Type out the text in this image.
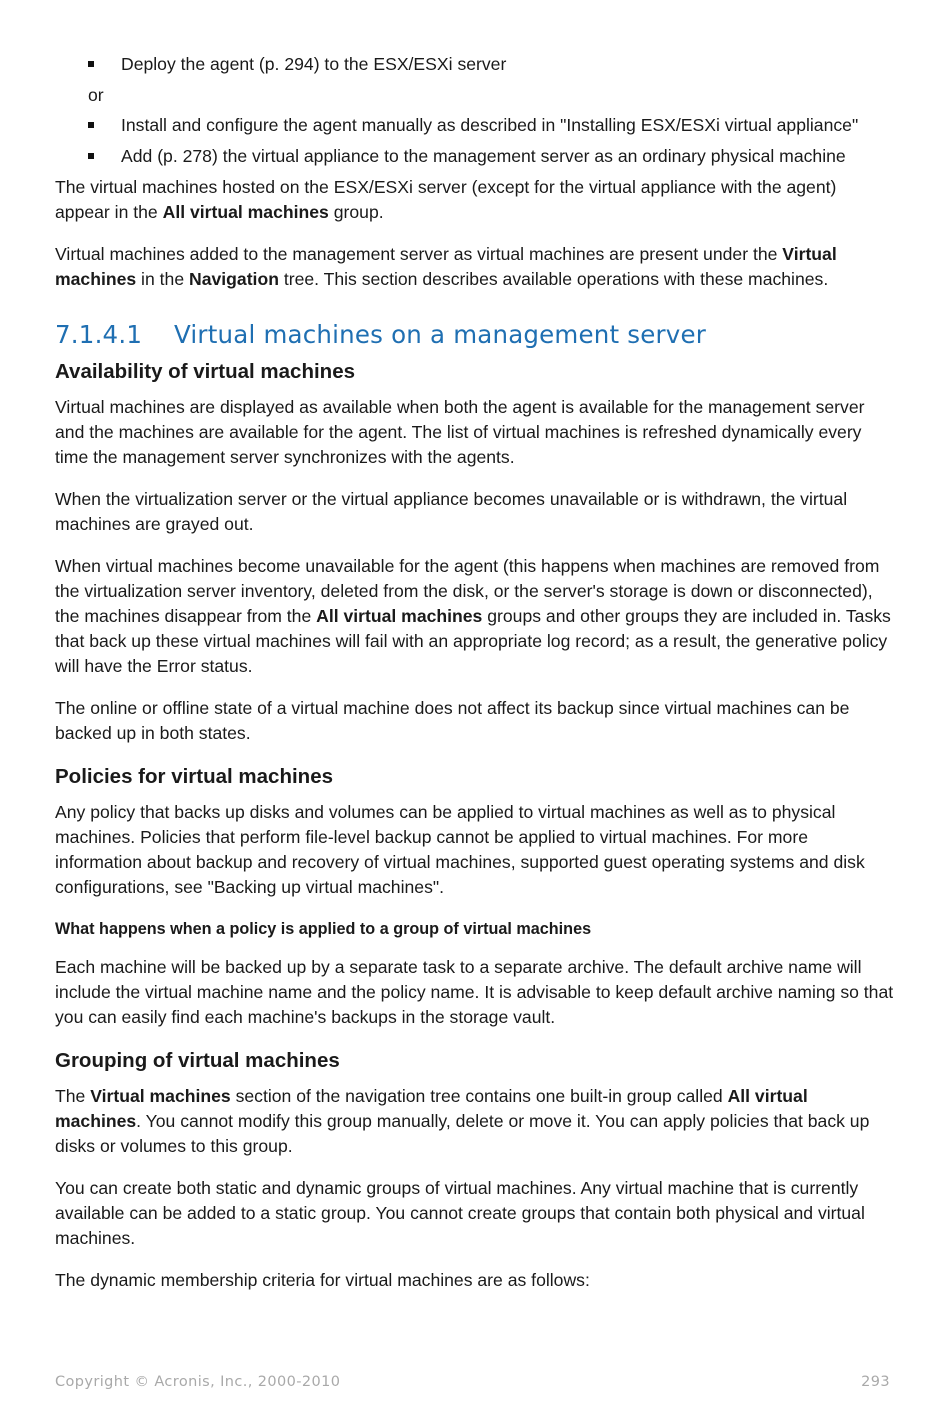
Deploy the agent (p. 294) to the ESX/ESXi server
or
Install and configure the agent manually as described in "Installing ESX/ESXi virtual appliance"
Add (p. 278) the virtual appliance to the management server as an ordinary physical machine

The virtual machines hosted on the ESX/ESXi server (except for the virtual appliance with the agent) appear in the All virtual machines group.

Virtual machines added to the management server as virtual machines are present under the Virtual machines in the Navigation tree. This section describes available operations with these machines.

7.1.4.1 Virtual machines on a management server
Availability of virtual machines

Virtual machines are displayed as available when both the agent is available for the management server and the machines are available for the agent. The list of virtual machines is refreshed dynamically every time the management server synchronizes with the agents.

When the virtualization server or the virtual appliance becomes unavailable or is withdrawn, the virtual machines are grayed out.

When virtual machines become unavailable for the agent (this happens when machines are removed from the virtualization server inventory, deleted from the disk, or the server's storage is down or disconnected), the machines disappear from the All virtual machines groups and other groups they are included in. Tasks that back up these virtual machines will fail with an appropriate log record; as a result, the generative policy will have the Error status.

The online or offline state of a virtual machine does not affect its backup since virtual machines can be backed up in both states.

Policies for virtual machines

Any policy that backs up disks and volumes can be applied to virtual machines as well as to physical machines. Policies that perform file-level backup cannot be applied to virtual machines. For more information about backup and recovery of virtual machines, supported guest operating systems and disk configurations, see "Backing up virtual machines".

What happens when a policy is applied to a group of virtual machines

Each machine will be backed up by a separate task to a separate archive. The default archive name will include the virtual machine name and the policy name. It is advisable to keep default archive naming so that you can easily find each machine's backups in the storage vault.

Grouping of virtual machines

The Virtual machines section of the navigation tree contains one built-in group called All virtual machines. You cannot modify this group manually, delete or move it. You can apply policies that back up disks or volumes to this group.

You can create both static and dynamic groups of virtual machines. Any virtual machine that is currently available can be added to a static group. You cannot create groups that contain both physical and virtual machines.

The dynamic membership criteria for virtual machines are as follows:

Copyright © Acronis, Inc., 2000-2010	293
